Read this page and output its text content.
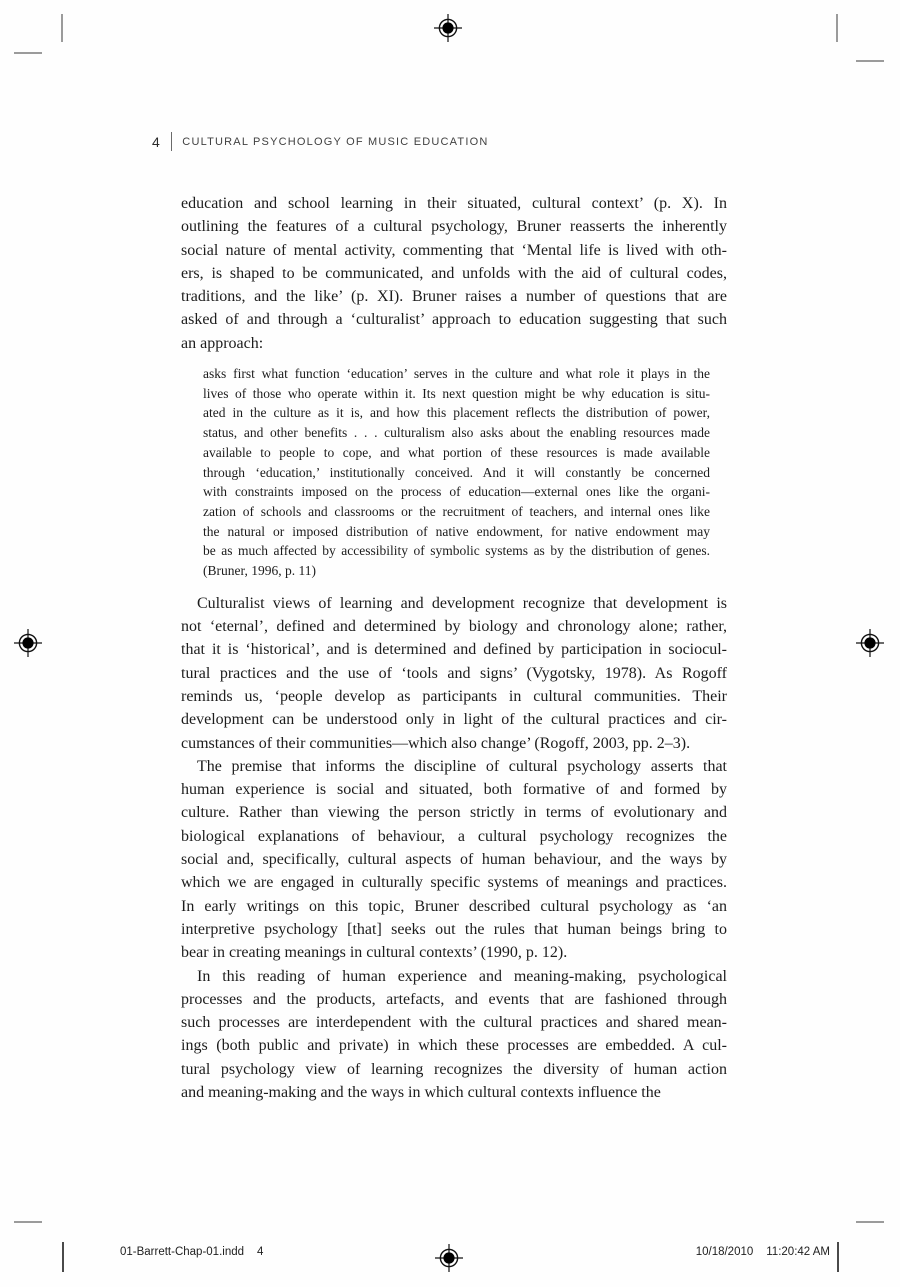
4 CULTURAL PSYCHOLOGY OF MUSIC EDUCATION
education and school learning in their situated, cultural context’ (p. X). In
outlining the features of a cultural psychology, Bruner reasserts the inherently
social nature of mental activity, commenting that ‘Mental life is lived with oth-
ers, is shaped to be communicated, and unfolds with the aid of cultural codes,
traditions, and the like’ (p. XI). Bruner raises a number of questions that are
asked of and through a ‘culturalist’ approach to education suggesting that such
an approach:
asks first what function ‘education’ serves in the culture and what role it plays in the
lives of those who operate within it. Its next question might be why education is situ-
ated in the culture as it is, and how this placement reflects the distribution of power,
status, and other benefits . . . culturalism also asks about the enabling resources made
available to people to cope, and what portion of these resources is made available
through ‘education,’ institutionally conceived. And it will constantly be concerned
with constraints imposed on the process of education—external ones like the organi-
zation of schools and classrooms or the recruitment of teachers, and internal ones like
the natural or imposed distribution of native endowment, for native endowment may
be as much affected by accessibility of symbolic systems as by the distribution of genes.
(Bruner, 1996, p. 11)
Culturalist views of learning and development recognize that development is
not ‘eternal’, defined and determined by biology and chronology alone; rather,
that it is ‘historical’, and is determined and defined by participation in sociocul-
tural practices and the use of ‘tools and signs’ (Vygotsky, 1978). As Rogoff
reminds us, ‘people develop as participants in cultural communities. Their
development can be understood only in light of the cultural practices and cir-
cumstances of their communities—which also change’ (Rogoff, 2003, pp. 2–3).
The premise that informs the discipline of cultural psychology asserts that
human experience is social and situated, both formative of and formed by
culture. Rather than viewing the person strictly in terms of evolutionary and
biological explanations of behaviour, a cultural psychology recognizes the
social and, specifically, cultural aspects of human behaviour, and the ways by
which we are engaged in culturally specific systems of meanings and practices.
In early writings on this topic, Bruner described cultural psychology as ‘an
interpretive psychology [that] seeks out the rules that human beings bring to
bear in creating meanings in cultural contexts’ (1990, p. 12).
In this reading of human experience and meaning-making, psychological
processes and the products, artefacts, and events that are fashioned through
such processes are interdependent with the cultural practices and shared mean-
ings (both public and private) in which these processes are embedded. A cul-
tural psychology view of learning recognizes the diversity of human action
and meaning-making and the ways in which cultural contexts influence the
01-Barrett-Chap-01.indd 4	10/18/2010 11:20:42 AM
